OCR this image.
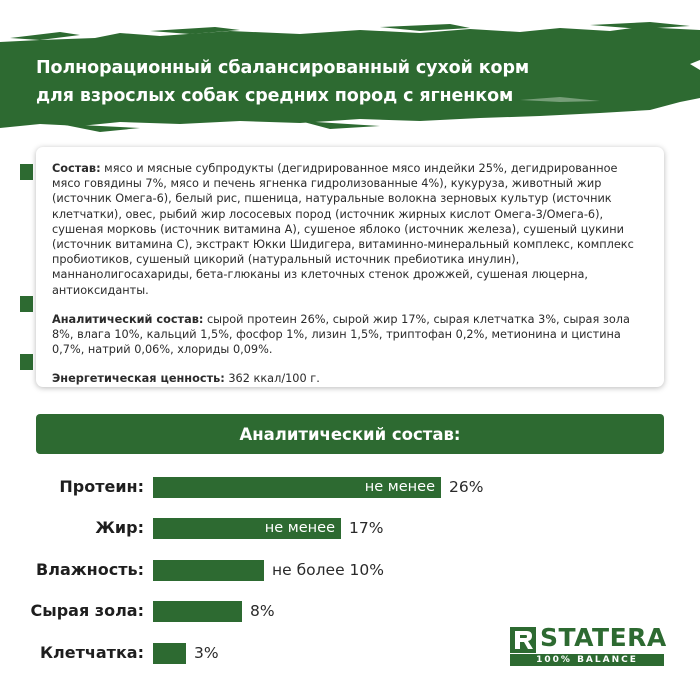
Полнорационный сбалансированный сухой корм
для взрослых собак средних пород с ягненком

Состав: мясо и мясные субпродукты (дегидрированное мясо индейки 25%, дегидрированное мясо говядины 7%, мясо и печень ягненка гидролизованные 4%), кукуруза, животный жир (источник Омега-6), белый рис, пшеница, натуральные волокна зерновых культур (источник клетчатки), овес, рыбий жир лососевых пород (источник жирных кислот Омега-3/Омега-6), сушеная морковь (источник витамина А), сушеное яблоко (источник железа), сушеный цукини (источник витамина С), экстракт Юкки Шидигера, витаминно-минеральный комплекс, комплекс пробиотиков, сушеный цикорий (натуральный источник пребиотика инулин), маннанолигосахариды, бета-глюканы из клеточных стенок дрожжей, сушеная люцерна, антиоксиданты.

Аналитический состав: сырой протеин 26%, сырой жир 17%, сырая клетчатка 3%, сырая зола 8%, влага 10%, кальций 1,5%, фосфор 1%, лизин 1,5%, триптофан 0,2%, метионина и цистина 0,7%, натрий 0,06%, хлориды 0,09%.

Энергетическая ценность: 362 ккал/100 г.

Аналитический состав:
Протеин:	не менее 26%
Жир:	не менее 17%
Влажность:	не более 10%
Сырая зола:	8%
Клетчатка:	3%
STATERA
100% BALANCE
